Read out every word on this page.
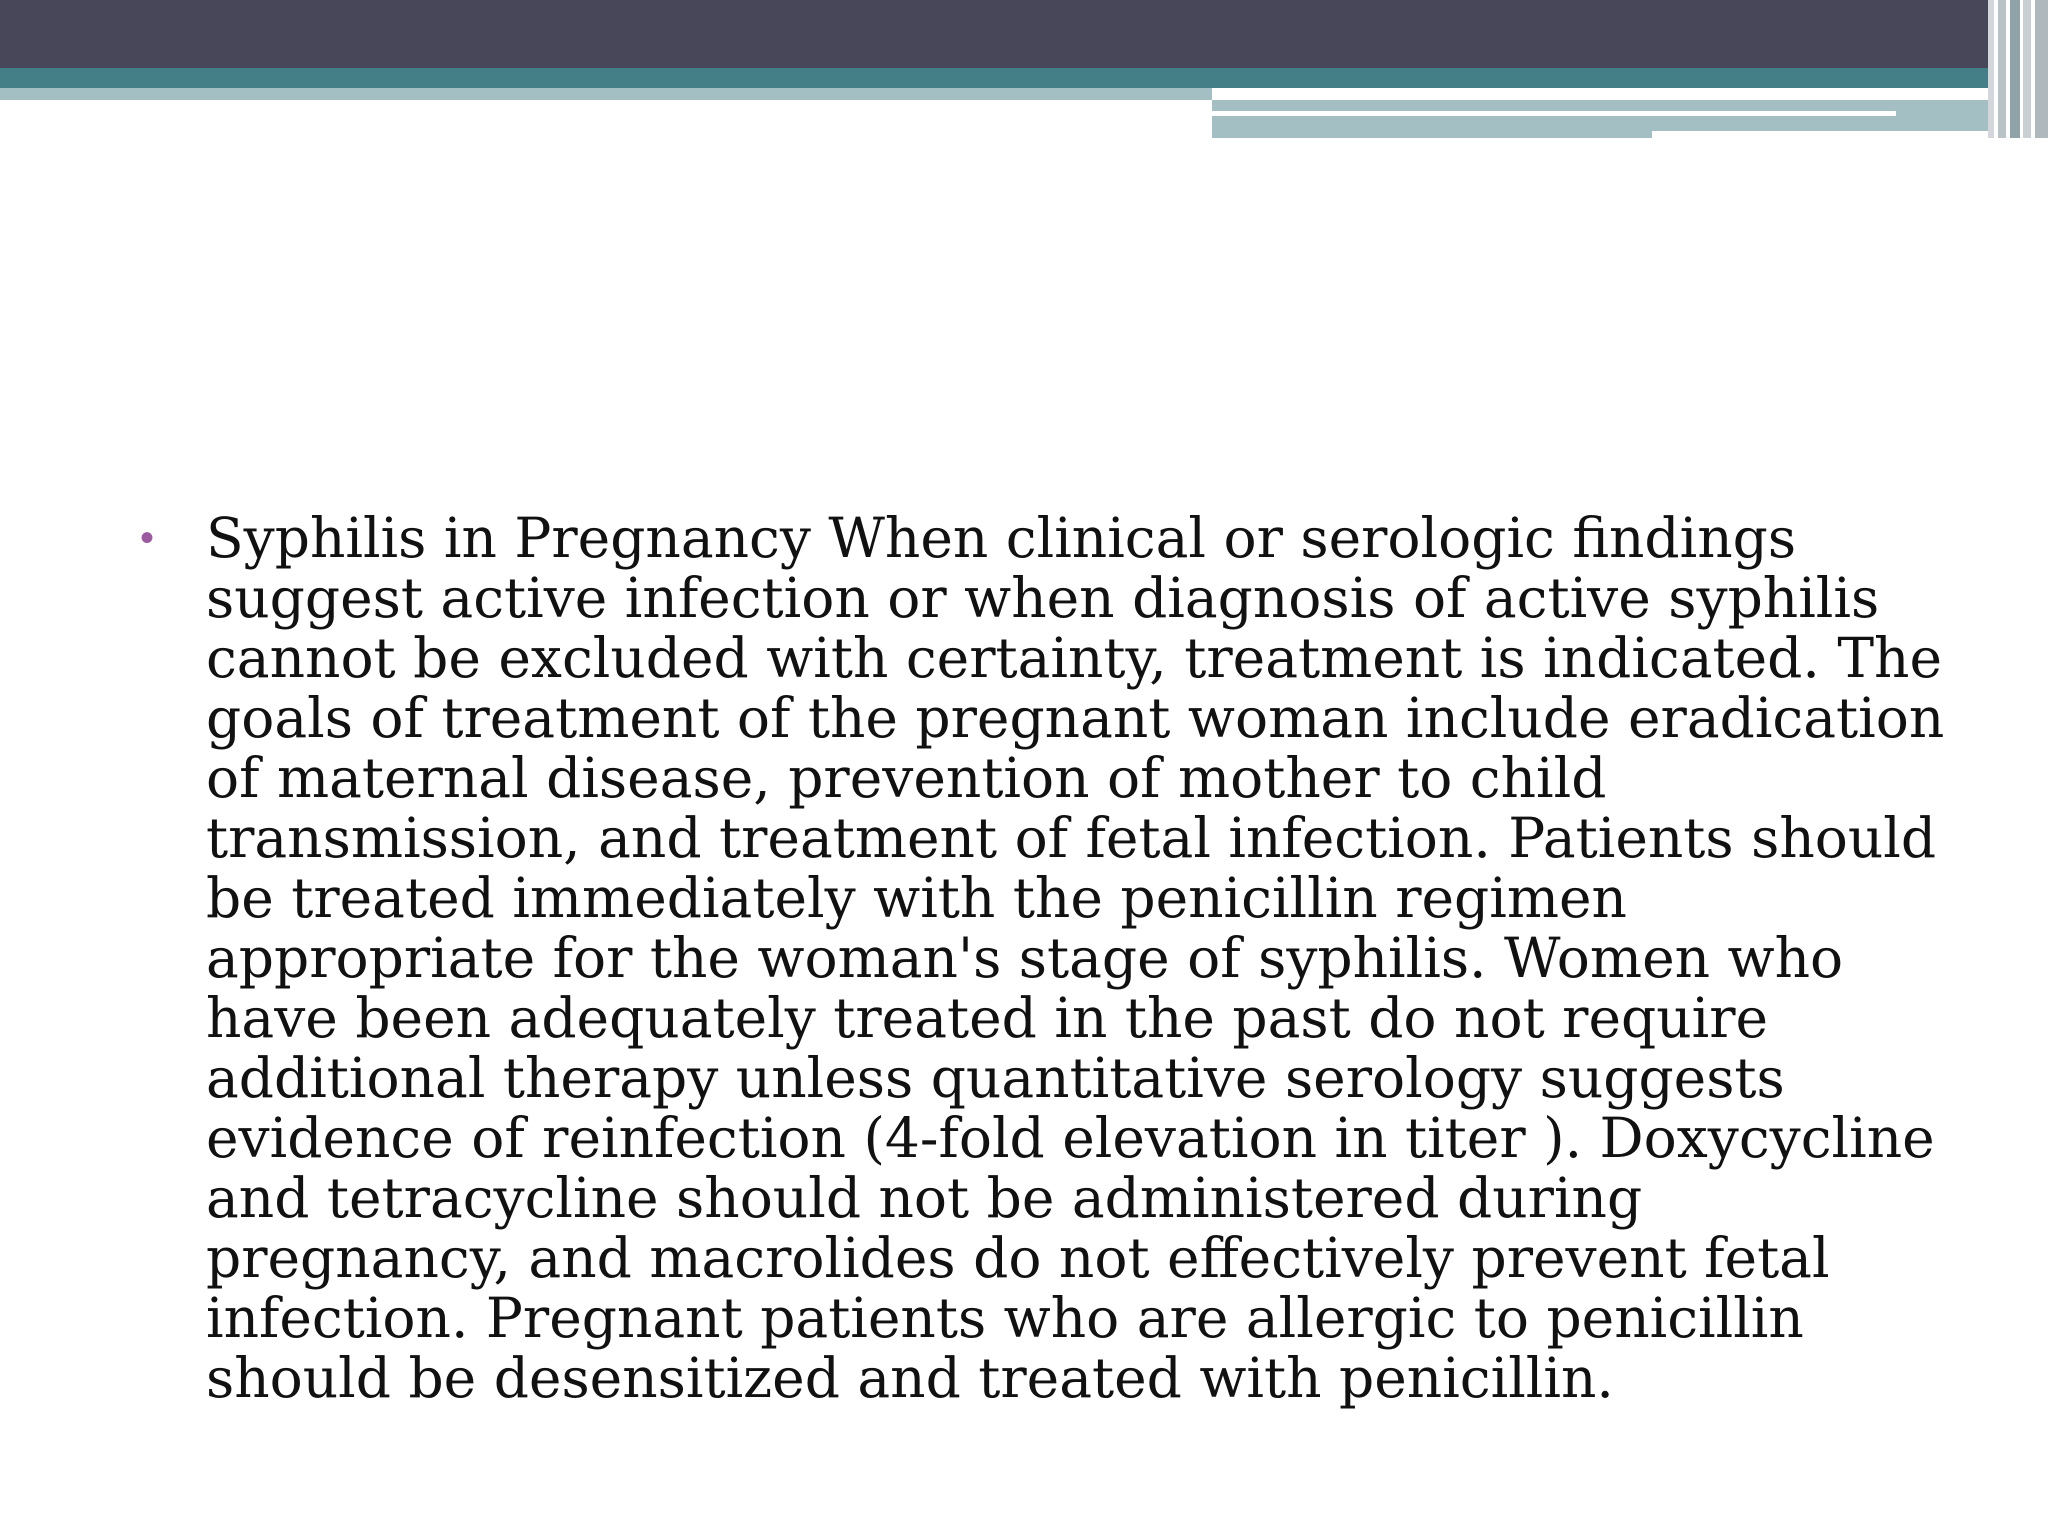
• Syphilis in Pregnancy When clinical or serologic findings
suggest active infection or when diagnosis of active syphilis
cannot be excluded with certainty, treatment is indicated. The
goals of treatment of the pregnant woman include eradication
of maternal disease, prevention of mother to child
transmission, and treatment of fetal infection. Patients should
be treated immediately with the penicillin regimen
appropriate for the woman's stage of syphilis. Women who
have been adequately treated in the past do not require
additional therapy unless quantitative serology suggests
evidence of reinfection (4-fold elevation in titer ). Doxycycline
and tetracycline should not be administered during
pregnancy, and macrolides do not effectively prevent fetal
infection. Pregnant patients who are allergic to penicillin
should be desensitized and treated with penicillin.
